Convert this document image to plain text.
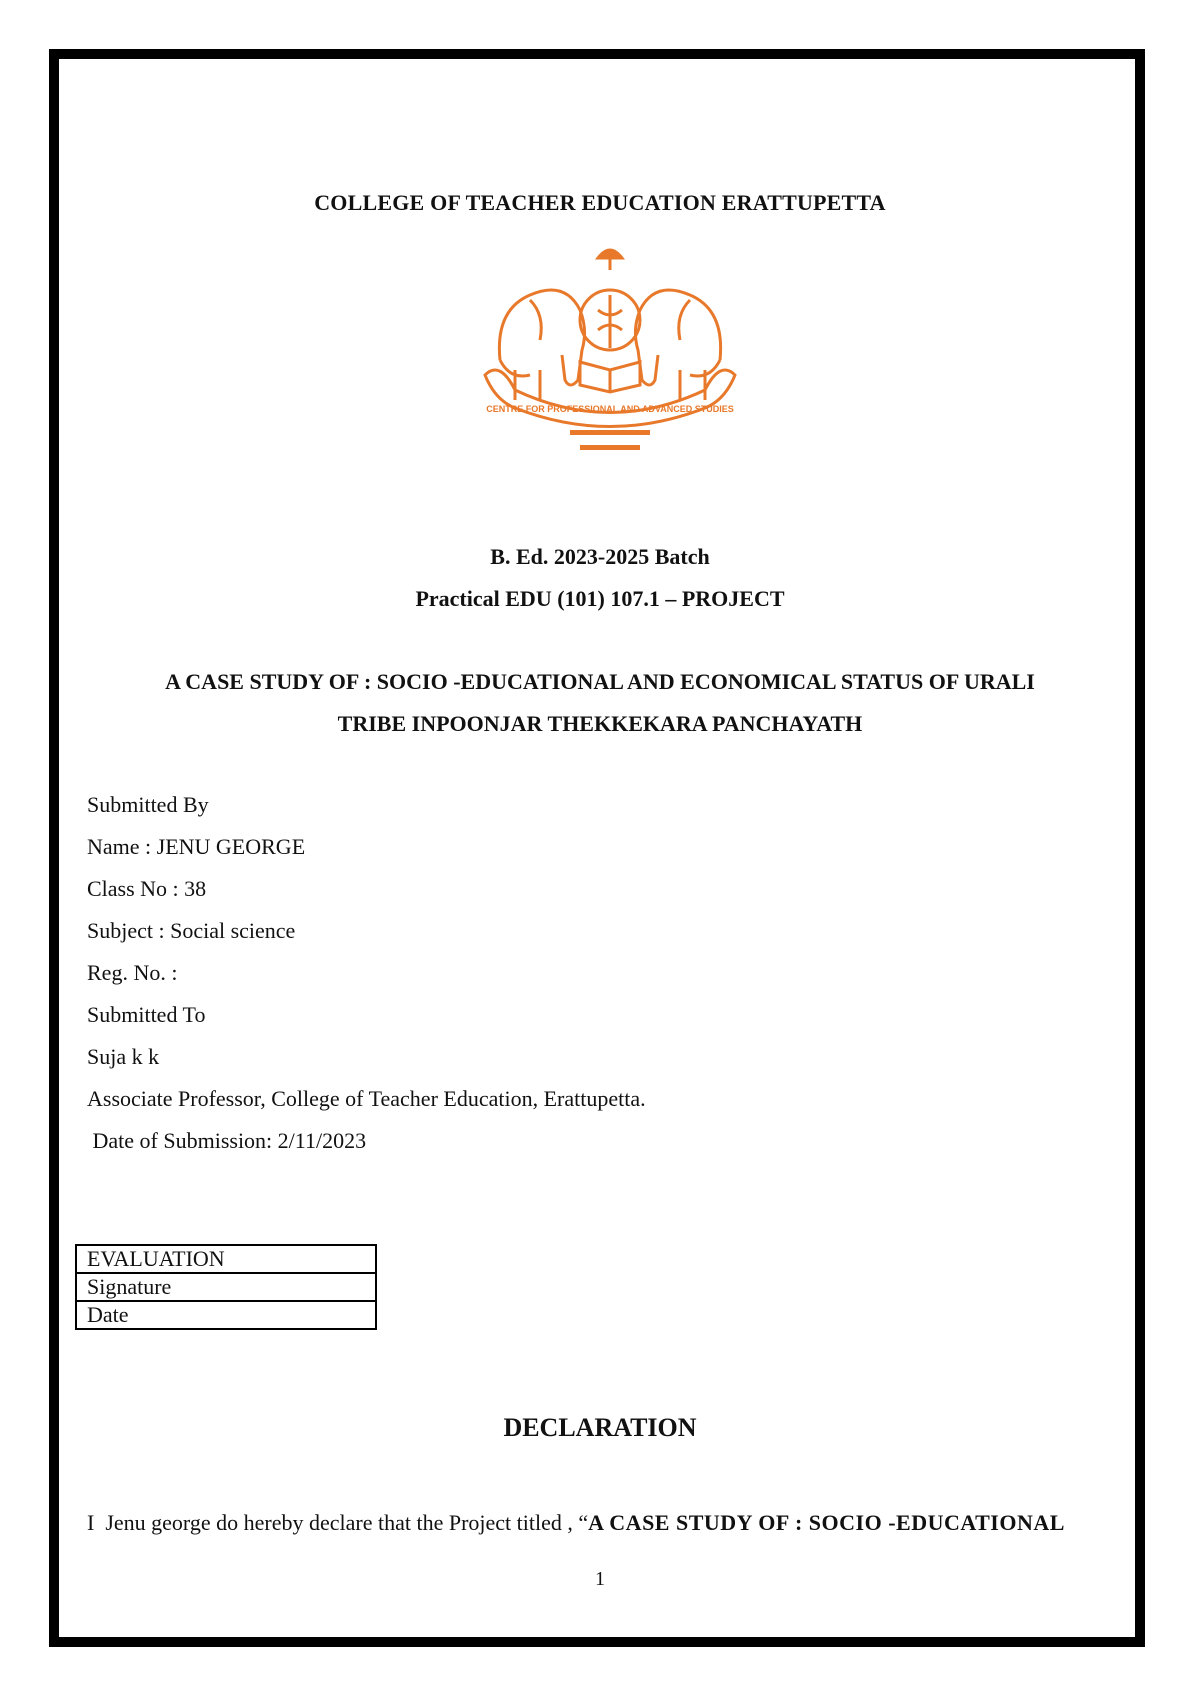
COLLEGE OF TEACHER EDUCATION ERATTUPETTA
CENTRE FOR PROFESSIONAL AND ADVANCED STUDIES
B. Ed. 2023-2025 Batch
Practical EDU (101) 107.1 – PROJECT
A CASE STUDY OF : SOCIO -EDUCATIONAL AND ECONOMICAL STATUS OF URALI
TRIBE INPOONJAR THEKKEKARA PANCHAYATH
Submitted By
Name : JENU GEORGE
Class No : 38
Subject : Social science
Reg. No. :
Submitted To
Suja k k
Associate Professor, College of Teacher Education, Erattupetta.
Date of Submission: 2/11/2023
EVALUATION
Signature
Date
DECLARATION
I  Jenu george do hereby declare that the Project titled , “A CASE STUDY OF : SOCIO -EDUCATIONAL
1
